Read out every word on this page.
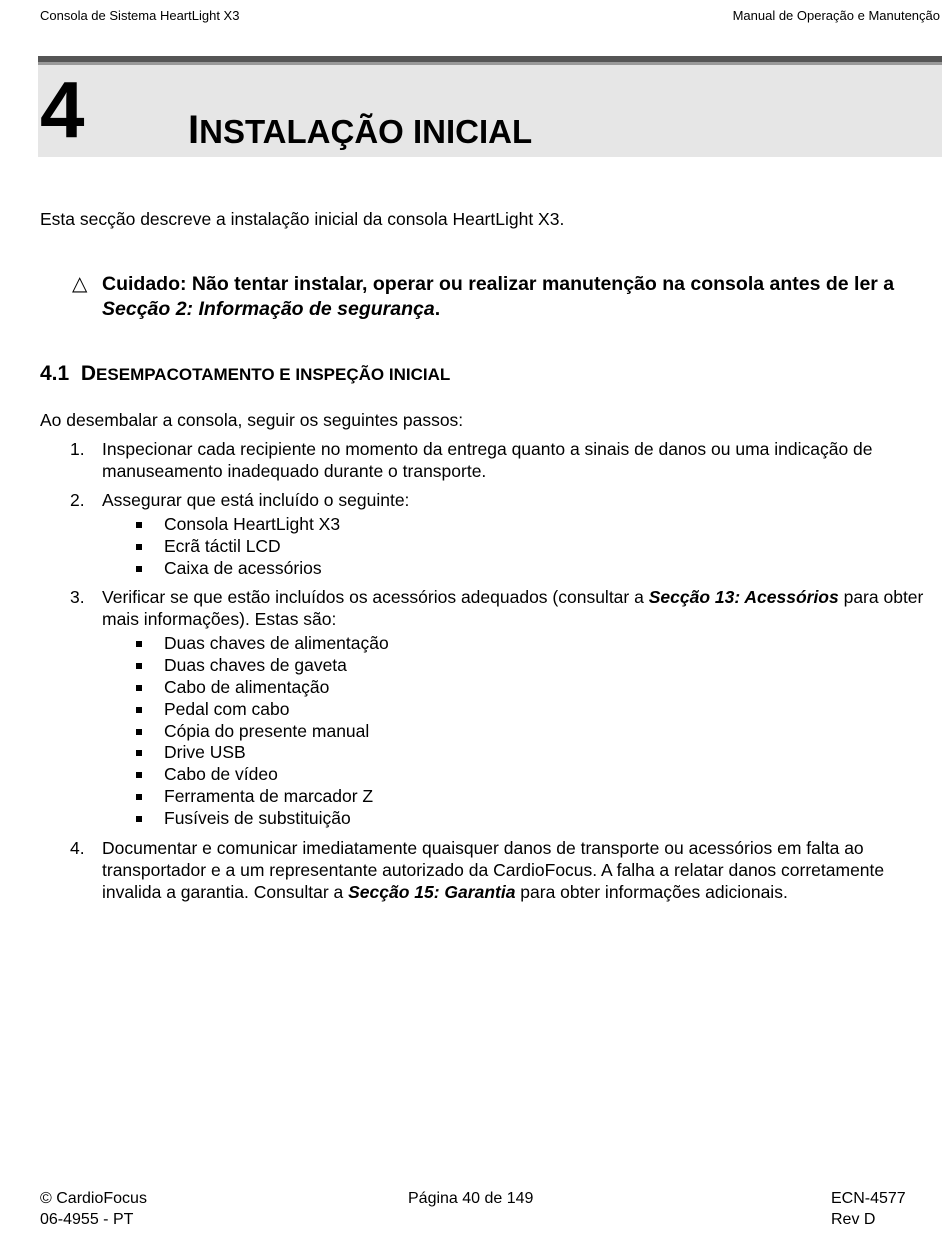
Consola de Sistema HeartLight X3	Manual de Operação e Manutenção
4	INSTALAÇÃO INICIAL
Esta secção descreve a instalação inicial da consola HeartLight X3.
△ Cuidado: Não tentar instalar, operar ou realizar manutenção na consola antes de ler a Secção 2: Informação de segurança.
4.1 DESEMPACOTAMENTO E INSPEÇÃO INICIAL
Ao desembalar a consola, seguir os seguintes passos:
1. Inspecionar cada recipiente no momento da entrega quanto a sinais de danos ou uma indicação de manuseamento inadequado durante o transporte.
2. Assegurar que está incluído o seguinte:
Consola HeartLight X3
Ecrã táctil LCD
Caixa de acessórios
3. Verificar se que estão incluídos os acessórios adequados (consultar a Secção 13: Acessórios para obter mais informações). Estas são:
Duas chaves de alimentação
Duas chaves de gaveta
Cabo de alimentação
Pedal com cabo
Cópia do presente manual
Drive USB
Cabo de vídeo
Ferramenta de marcador Z
Fusíveis de substituição
4. Documentar e comunicar imediatamente quaisquer danos de transporte ou acessórios em falta ao transportador e a um representante autorizado da CardioFocus. A falha a relatar danos corretamente invalida a garantia. Consultar a Secção 15: Garantia para obter informações adicionais.
© CardioFocus
06-4955 - PT
Página 40 de 149	ECN-4577
Rev D
